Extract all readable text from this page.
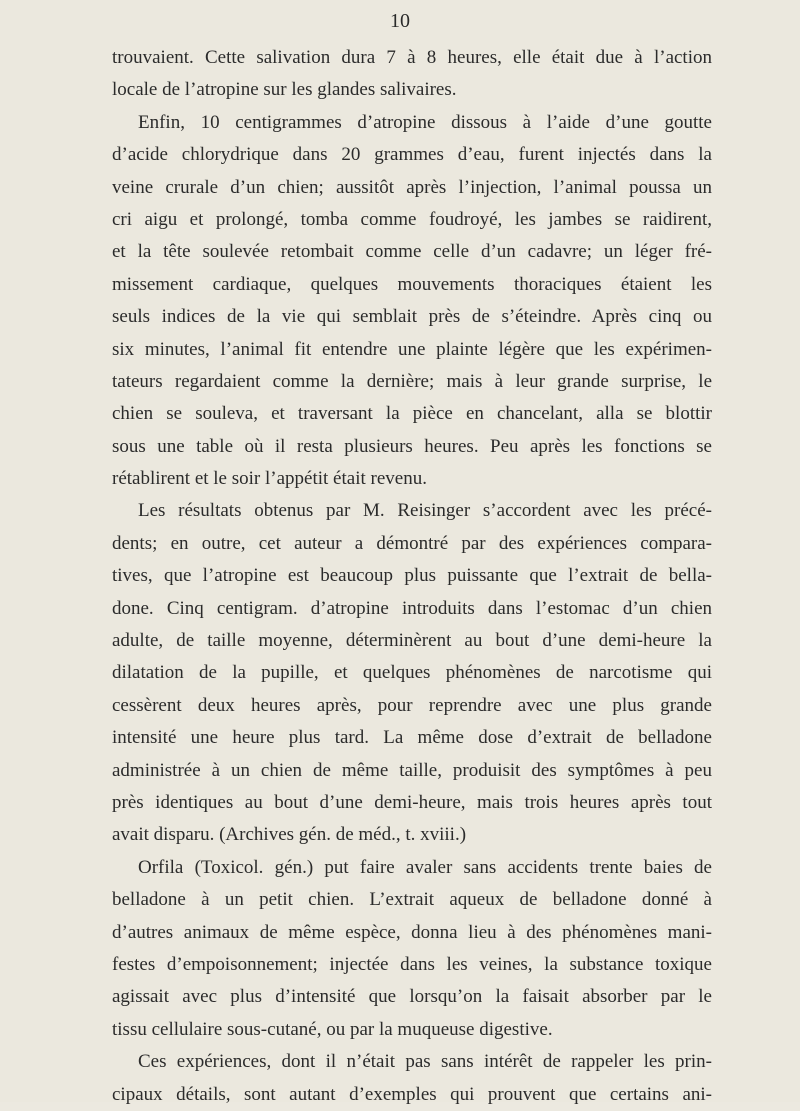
10
trouvaient. Cette salivation dura 7 à 8 heures, elle était due à l’action
locale de l’atropine sur les glandes salivaires.
Enfin, 10 centigrammes d’atropine dissous à l’aide d’une goutte
d’acide chlorydrique dans 20 grammes d’eau, furent injectés dans la
veine crurale d’un chien; aussitôt après l’injection, l’animal poussa un
cri aigu et prolongé, tomba comme foudroyé, les jambes se raidirent,
et la tête soulevée retombait comme celle d’un cadavre; un léger fré-
missement cardiaque, quelques mouvements thoraciques étaient les
seuls indices de la vie qui semblait près de s’éteindre. Après cinq ou
six minutes, l’animal fit entendre une plainte légère que les expérimen-
tateurs regardaient comme la dernière; mais à leur grande surprise, le
chien se souleva, et traversant la pièce en chancelant, alla se blottir
sous une table où il resta plusieurs heures. Peu après les fonctions se
rétablirent et le soir l’appétit était revenu.
Les résultats obtenus par M. Reisinger s’accordent avec les précé-
dents; en outre, cet auteur a démontré par des expériences compara-
tives, que l’atropine est beaucoup plus puissante que l’extrait de bella-
done. Cinq centigram. d’atropine introduits dans l’estomac d’un chien
adulte, de taille moyenne, déterminèrent au bout d’une demi-heure la
dilatation de la pupille, et quelques phénomènes de narcotisme qui
cessèrent deux heures après, pour reprendre avec une plus grande
intensité une heure plus tard. La même dose d’extrait de belladone
administrée à un chien de même taille, produisit des symptômes à peu
près identiques au bout d’une demi-heure, mais trois heures après tout
avait disparu. (Archives gén. de méd., t. xviii.)
Orfila (Toxicol. gén.) put faire avaler sans accidents trente baies de
belladone à un petit chien. L’extrait aqueux de belladone donné à
d’autres animaux de même espèce, donna lieu à des phénomènes mani-
festes d’empoisonnement; injectée dans les veines, la substance toxique
agissait avec plus d’intensité que lorsqu’on la faisait absorber par le
tissu cellulaire sous-cutané, ou par la muqueuse digestive.
Ces expériences, dont il n’était pas sans intérêt de rappeler les prin-
cipaux détails, sont autant d’exemples qui prouvent que certains ani-
